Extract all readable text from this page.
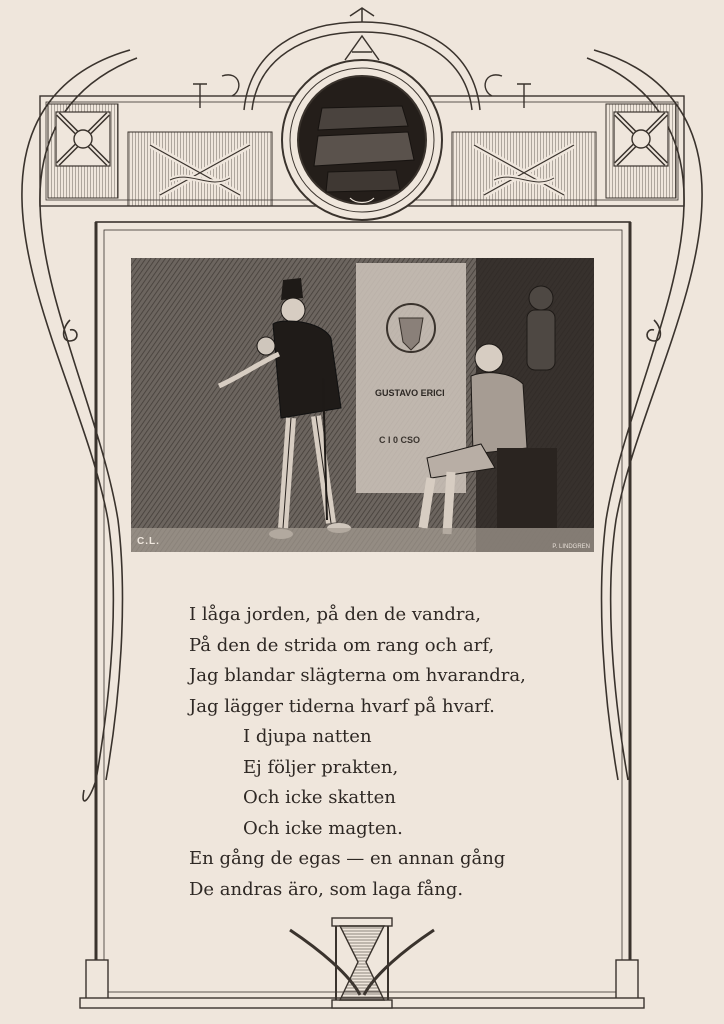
GUSTAVO ERICI
C I 0 CSO
C.L.	P. LINDGREN
I låga jorden, på den de vandra,
På den de strida om rang och arf,
Jag blandar slägterna om hvarandra,
Jag lägger tiderna hvarf på hvarf.
I djupa natten
Ej följer prakten,
Och icke skatten
Och icke magten.
En gång de egas — en annan gång
De andras äro, som laga fång.
